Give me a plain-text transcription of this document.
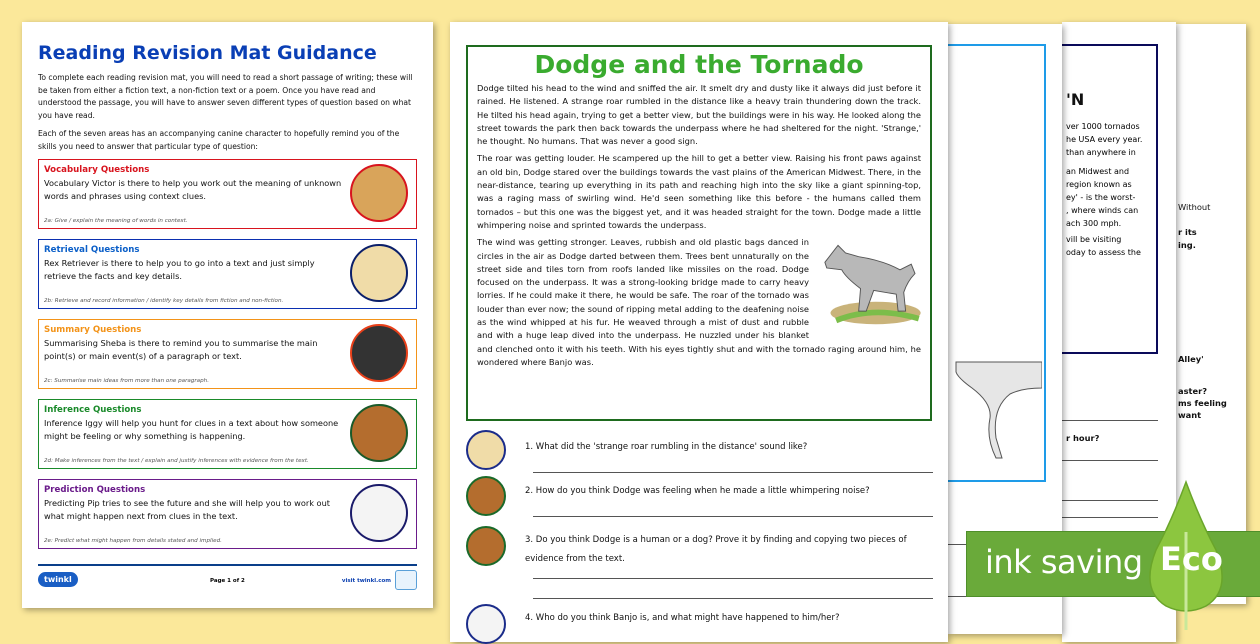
Without
r its
ing.
Alley'
aster?
ms feeling
want
'N
ver 1000 tornados
he USA every year.
than anywhere in
an Midwest and
region known as
ey' - is the worst-
, where winds can
ach 300 mph.
vill be visiting
oday to assess the
r hour?
Dodge and the Tornado

Dodge tilted his head to the wind and sniffed the air. It smelt dry and dusty like it always did just before it rained. He listened. A strange roar rumbled in the distance like a heavy train thundering down the track. He tilted his head again, trying to get a better view, but the buildings were in his way. He looked along the street towards the park then back towards the underpass where he had sheltered for the night. 'Strange,' he thought. No humans. That was never a good sign.

The roar was getting louder. He scampered up the hill to get a better view. Raising his front paws against an old bin, Dodge stared over the buildings towards the vast plains of the American Midwest. There, in the near-distance, tearing up everything in its path and reaching high into the sky like a giant spinning-top, was a raging mass of swirling wind. He'd seen something like this before - the humans called them tornados – but this one was the biggest yet, and it was headed straight for the town. Dodge made a little whimpering noise and sprinted towards the underpass.

The wind was getting stronger. Leaves, rubbish and old plastic bags danced in circles in the air as Dodge darted between them. Trees bent unnaturally on the street side and tiles torn from roofs landed like missiles on the road. Dodge focused on the underpass. It was a strong-looking bridge made to carry heavy lorries. If he could make it there, he would be safe. The roar of the tornado was louder than ever now; the sound of ripping metal adding to the deafening noise as the wind whipped at his fur. He weaved through a mist of dust and rubble and with a huge leap dived into the underpass. He nuzzled under his blanket and clenched onto it with his teeth. With his eyes tightly shut and with the tornado raging around him, he wondered where Banjo was.

1. What did the 'strange roar rumbling in the distance' sound like?
2. How do you think Dodge was feeling when he made a little whimpering noise?
3. Do you think Dodge is a human or a dog? Prove it by finding and copying two pieces of evidence from the text.
4. Who do you think Banjo is, and what might have happened to him/her?
Reading Revision Mat Guidance

To complete each reading revision mat, you will need to read a short passage of writing; these will be taken from either a fiction text, a non-fiction text or a poem. Once you have read and understood the passage, you will have to answer seven different types of question based on what you have read.

Each of the seven areas has an accompanying canine character to hopefully remind you of the skills you need to answer that particular type of question:

Vocabulary Questions
Vocabulary Victor is there to help you work out the meaning of unknown words and phrases using context clues.
2a: Give / explain the meaning of words in context.
Retrieval Questions
Rex Retriever is there to help you to go into a text and just simply retrieve the facts and key details.
2b: Retrieve and record information / identify key details from fiction and non-fiction.
Summary Questions
Summarising Sheba is there to remind you to summarise the main point(s) or main event(s) of a paragraph or text.
2c: Summarise main ideas from more than one paragraph.
Inference Questions
Inference Iggy will help you hunt for clues in a text about how someone might be feeling or why something is happening.
2d: Make inferences from the text / explain and justify inferences with evidence from the text.
Prediction Questions
Predicting Pip tries to see the future and she will help you to work out what might happen next from clues in the text.
2e: Predict what might happen from details stated and implied.
twinkl	Page 1 of 2	visit twinkl.com	ink saving Eco
